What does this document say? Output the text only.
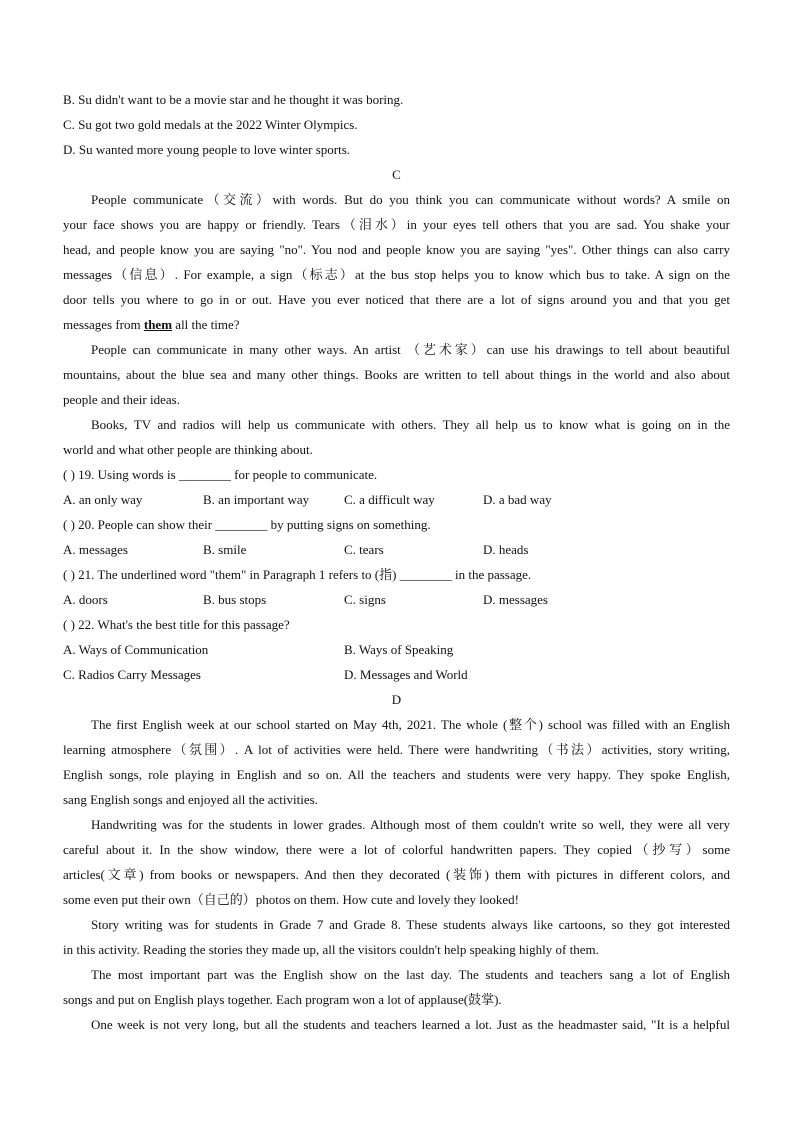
B. Su didn't want to be a movie star and he thought it was boring.
C. Su got two gold medals at the 2022 Winter Olympics.
D. Su wanted more young people to love winter sports.
C
People communicate（交流）with words. But do you think you can communicate without words? A smile on
your face shows you are happy or friendly. Tears（泪水）in your eyes tell others that you are sad. You shake your
head, and people know you are saying "no". You nod and people know you are saying "yes". Other things can also carry
messages（信息）. For example, a sign（标志）at the bus stop helps you to know which bus to take. A sign on the
door tells you where to go in or out. Have you ever noticed that there are a lot of signs around you and that you get
messages from them all the time?
People can communicate in many other ways. An artist （艺术家）can use his drawings to tell about beautiful
mountains, about the blue sea and many other things. Books are written to tell about things in the world and also about
people and their ideas.
Books, TV and radios will help us communicate with others. They all help us to know what is going on in the
world and what other people are thinking about.
( ) 19. Using words is ________ for people to communicate.
A. an only way	B. an important way	C. a difficult way	D. a bad way
( ) 20. People can show their ________ by putting signs on something.
A. messages	B. smile	C. tears	D. heads
( ) 21. The underlined word "them" in Paragraph 1 refers to (指) ________ in the passage.
A. doors	B. bus stops	C. signs	D. messages
( ) 22. What's the best title for this passage?
A. Ways of Communication	B. Ways of Speaking
C. Radios Carry Messages	D. Messages and World
D
The first English week at our school started on May 4th, 2021. The whole (整个) school was filled with an English
learning atmosphere（氛围）. A lot of activities were held. There were handwriting（书法）activities, story writing,
English songs, role playing in English and so on. All the teachers and students were very happy. They spoke English,
sang English songs and enjoyed all the activities.
Handwriting was for the students in lower grades. Although most of them couldn't write so well, they were all very
careful about it. In the show window, there were a lot of colorful handwritten papers. They copied（抄写）some
articles(文章) from books or newspapers. And then they decorated (装饰) them with pictures in different colors, and
some even put their own（自己的）photos on them. How cute and lovely they looked!
Story writing was for students in Grade 7 and Grade 8. These students always like cartoons, so they got interested
in this activity. Reading the stories they made up, all the visitors couldn't help speaking highly of them.
The most important part was the English show on the last day. The students and teachers sang a lot of English
songs and put on English plays together. Each program won a lot of applause(鼓掌).
One week is not very long, but all the students and teachers learned a lot. Just as the headmaster said, "It is a helpful
